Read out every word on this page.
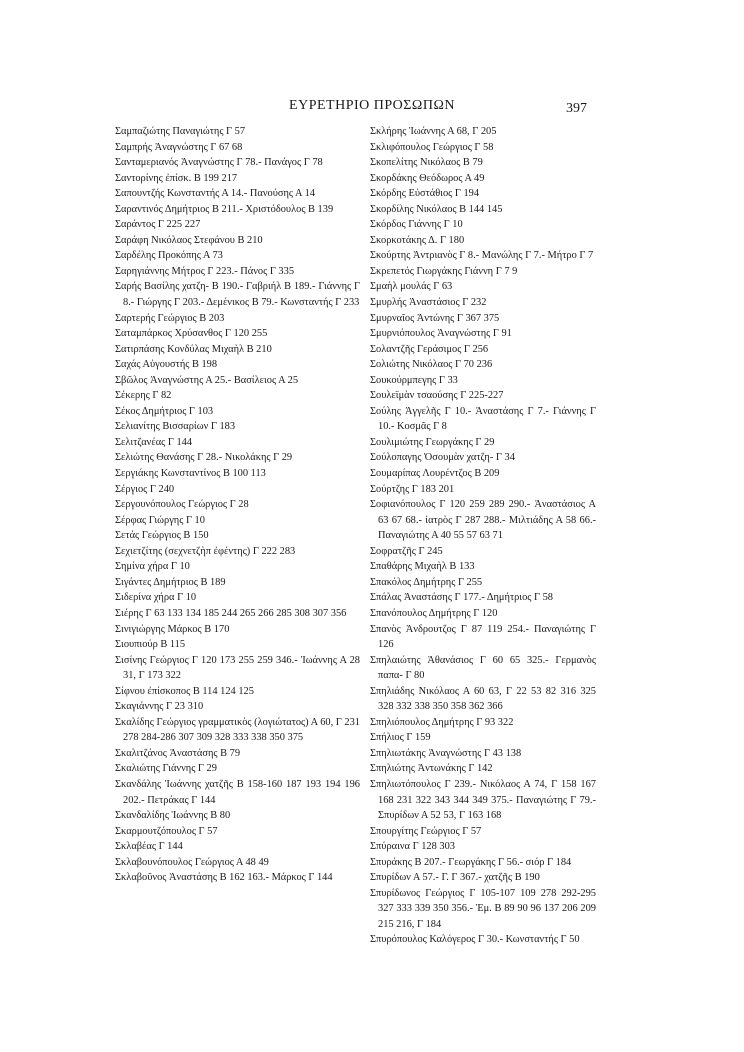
ΕΥΡΕΤΗΡΙΟ ΠΡΟΣΩΠΩΝ	397
Σαμπαζιώτης Παναγιώτης Γ 57
Σαμπρής Ἀναγνώστης Γ 67 68
Σανταμεριανός Ἀναγνώστης Γ 78.- Πανάγος Γ 78
Σαντορίνης ἐπίσκ. Β 199 217
Σαπουντζής Κωνσταντής Α 14.- Πανούσης Α 14
Σαραντινός Δημήτριος Β 211.- Χριστόδουλος Β 139
Σαράντος Γ 225 227
Σαράφη Νικόλαος Στεφάνου Β 210
Σαρδέλης Προκόπης Α 73
Σαρηγιάννης Μήτρος Γ 223.- Πάνος Γ 335
Σαρής Βασίλης χατζη- Β 190.- Γαβριήλ Β 189.- Γιάννης Γ 8.- Γιώργης Γ 203.- Δεμένικος Β 79.- Κωνσταντής Γ 233
Σαρτερής Γεώργιος Β 203
Σαταμπάρκος Χρύσανθος Γ 120 255
Σατιρπάσης Κονδύλας Μιχαὴλ Β 210
Σαχάς Αὐγουστής Β 198
Σβῶλος Ἀναγνώστης Α 25.- Βασίλειος Α 25
Σέκερης Γ 82
Σέκος Δημήτριος Γ 103
Σελιανίτης Βισσαρίων Γ 183
Σελιτζανέας Γ 144
Σελιώτης Θανάσης Γ 28.- Νικολάκης Γ 29
Σεργιάκης Κωνσταντίνος Β 100 113
Σέργιος Γ 240
Σεργουνόπουλος Γεώργιος Γ 28
Σέρφας Γιώργης Γ 10
Σετάς Γεώργιος Β 150
Σεχιετζίτης (σεχνετζὴπ ἐφέντης) Γ 222 283
Σημίνα χήρα Γ 10
Σιγάντες Δημήτριος Β 189
Σιδερίνα χήρα Γ 10
Σιέρης Γ 63 133 134 185 244 265 266 285 308 307 356
Σινιγιώργης Μάρκος Β 170
Σιουπιούρ Β 115
Σισίνης Γεώργιος Γ 120 173 255 259 346.- Ἰωάννης Α 28 31, Γ 173 322
Σίφνου ἐπίσκοπος Β 114 124 125
Σκαγιάννης Γ 23 310
Σκαλίδης Γεώργιος γραμματικὸς (λογιώτατος) Α 60, Γ 231 278 284-286 307 309 328 333 338 350 375
Σκαλιτζάνος Ἀναστάσης Β 79
Σκαλιώτης Γιάννης Γ 29
Σκανδάλης Ἰωάννης χατζῆς Β 158-160 187 193 194 196 202.- Πετράκας Γ 144
Σκανδαλίδης Ἰωάννης Β 80
Σκαρμουτζόπουλος Γ 57
Σκλαβέας Γ 144
Σκλαβουνόπουλος Γεώργιος Α 48 49
Σκλαβοῦνος Ἀναστάσης Β 162 163.- Μάρκος Γ 144
Σκλήρης Ἰωάννης Α 68, Γ 205
Σκλιφόπουλος Γεώργιος Γ 58
Σκοπελίτης Νικόλαος Β 79
Σκορδάκης Θεόδωρος Α 49
Σκόρδης Εὐστάθιος Γ 194
Σκορδίλης Νικόλαος Β 144 145
Σκόρδος Γιάννης Γ 10
Σκορκοτάκης Δ. Γ 180
Σκούρτης Ἀντριανὸς Γ 8.- Μανώλης Γ 7.- Μήτρο Γ 7
Σκρεπετός Γιωργάκης Γιάννη Γ 7 9
Σμαὴλ μουλάς Γ 63
Σμυρλής Ἀναστάσιος Γ 232
Σμυρναῖος Ἀντώνης Γ 367 375
Σμυρνιόπουλος Ἀναγνώστης Γ 91
Σολαντζῆς Γεράσιμος Γ 256
Σολιώτης Νικόλαος Γ 70 236
Σουκούρμπεγης Γ 33
Σουλεϊμὰν τσαούσης Γ 225-227
Σούλης Ἀγγελῆς Γ 10.- Ἀναστάσης Γ 7.- Γιάννης Γ 10.- Κοσμᾶς Γ 8
Σουλιμιώτης Γεωργάκης Γ 29
Σούλοπαγης Ὀσουμὰν χατζη- Γ 34
Σουμαρίπας Λουρέντζος Β 209
Σούρτζης Γ 183 201
Σοφιανόπουλος Γ 120 259 289 290.- Ἀναστάσιος Α 63 67 68.- ἰατρὸς Γ 287 288.- Μιλτιάδης Α 58 66.- Παναγιώτης Α 40 55 57 63 71
Σοφρατζῆς Γ 245
Σπαθάρης Μιχαὴλ Β 133
Σπακόλος Δημήτρης Γ 255
Σπάλας Ἀναστάσης Γ 177.- Δημήτριος Γ 58
Σπανόπουλος Δημήτρης Γ 120
Σπανὸς Ἀνδρουτζος Γ 87 119 254.- Παναγιώτης Γ 126
Σπηλαιώτης Ἀθανάσιος Γ 60 65 325.- Γερμανὸς παπα- Γ 80
Σπηλιάδης Νικόλαος Α 60 63, Γ 22 53 82 316 325 328 332 338 350 358 362 366
Σπηλιόπουλος Δημήτρης Γ 93 322
Σπήλιος Γ 159
Σπηλιωτάκης Ἀναγνώστης Γ 43 138
Σπηλιώτης Ἀντωνάκης Γ 142
Σπηλιωτόπουλος Γ 239.- Νικόλαος Α 74, Γ 158 167 168 231 322 343 344 349 375.- Παναγιώτης Γ 79.- Σπυρίδων Α 52 53, Γ 163 168
Σπουργίτης Γεώργιος Γ 57
Σπύραινα Γ 128 303
Σπυράκης Β 207.- Γεωργάκης Γ 56.- σιόρ Γ 184
Σπυρίδων Α 57.- Γ. Γ 367.- χατζῆς Β 190
Σπυρίδωνος Γεώργιος Γ 105-107 109 278 292-295 327 333 339 350 356.- Ἐμ. Β 89 90 96 137 206 209 215 216, Γ 184
Σπυρόπουλος Καλόγερος Γ 30.- Κωνσταντής Γ 50
